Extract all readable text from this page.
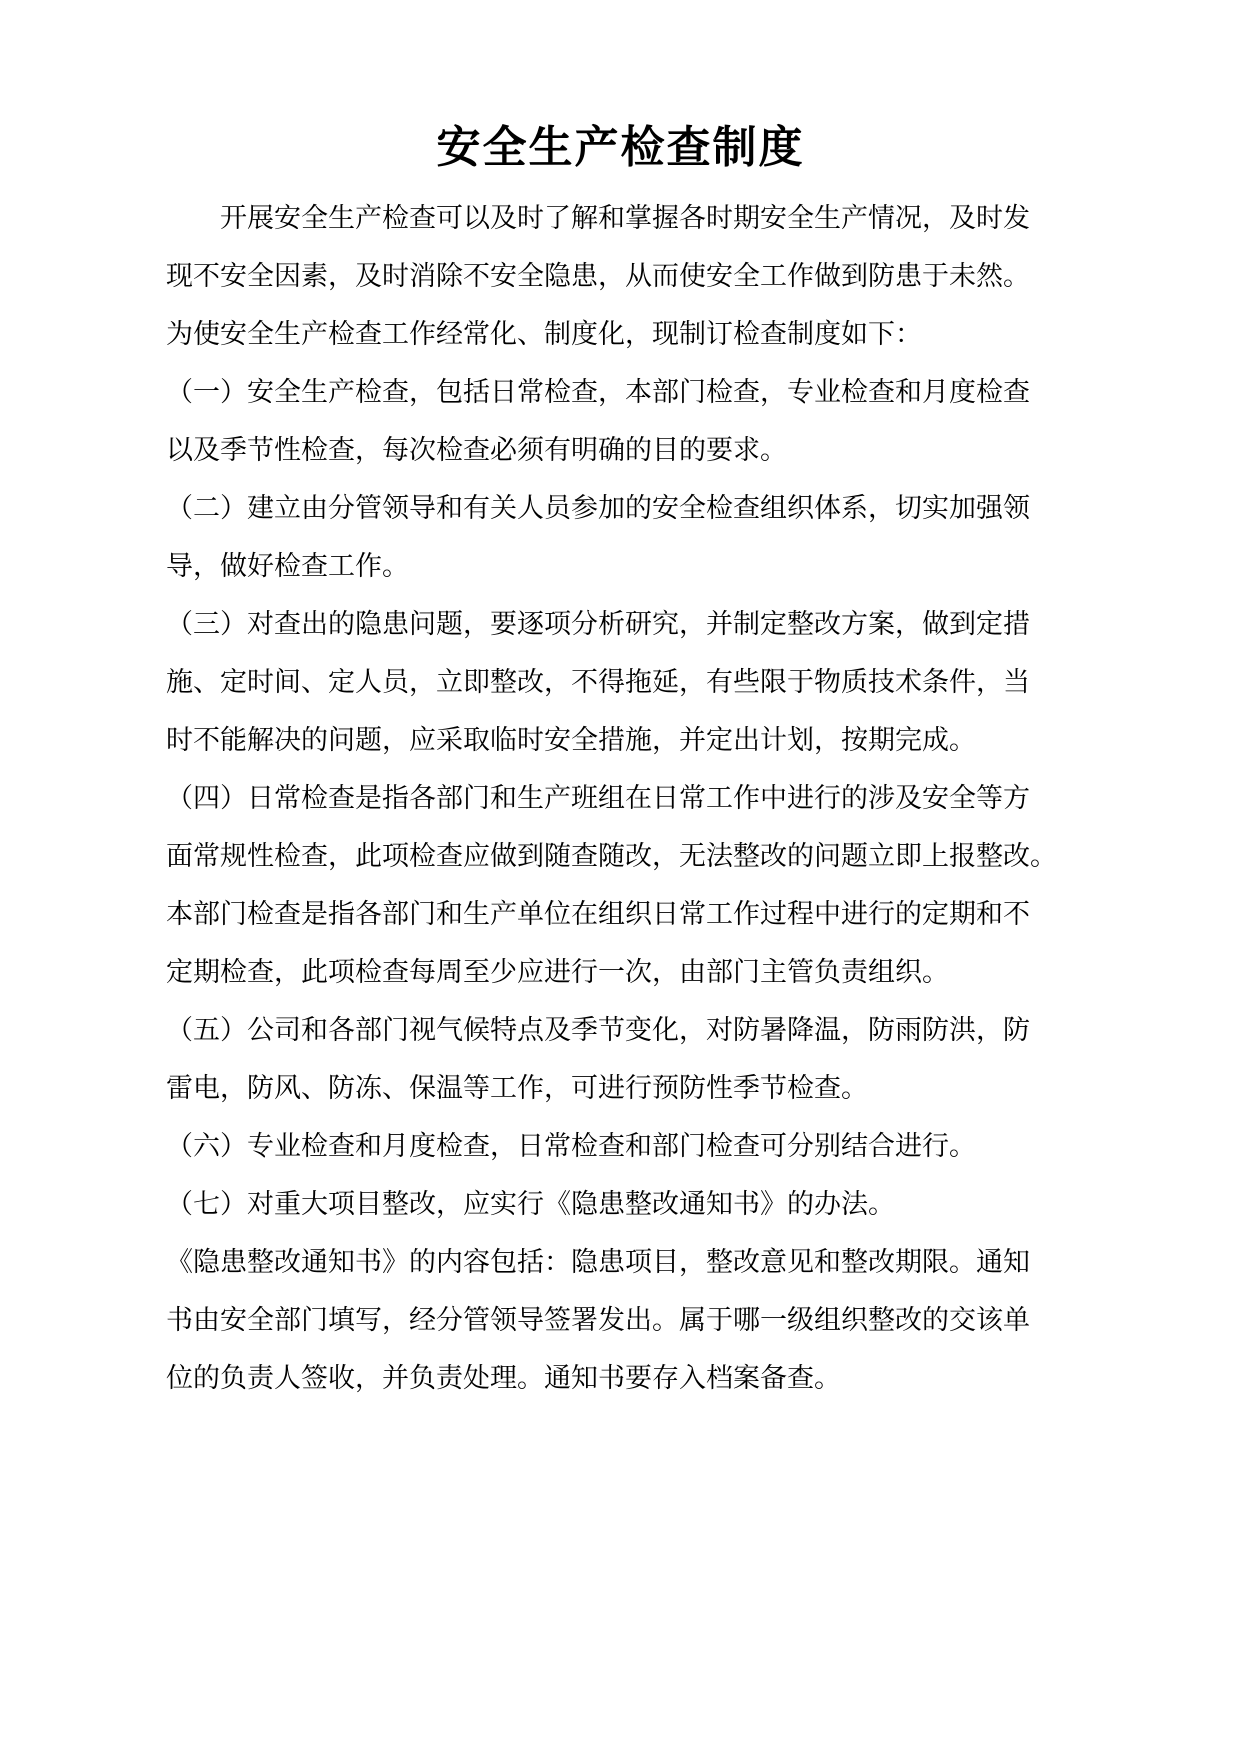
安全生产检查制度
　　开展安全生产检查可以及时了解和掌握各时期安全生产情况，及时发
现不安全因素，及时消除不安全隐患，从而使安全工作做到防患于未然。
为使安全生产检查工作经常化、制度化，现制订检查制度如下：
（一）安全生产检查，包括日常检查，本部门检查，专业检查和月度检查
以及季节性检查，每次检查必须有明确的目的要求。
（二）建立由分管领导和有关人员参加的安全检查组织体系，切实加强领
导，做好检查工作。
（三）对查出的隐患问题，要逐项分析研究，并制定整改方案，做到定措
施、定时间、定人员，立即整改，不得拖延，有些限于物质技术条件，当
时不能解决的问题，应采取临时安全措施，并定出计划，按期完成。
（四）日常检查是指各部门和生产班组在日常工作中进行的涉及安全等方
面常规性检查，此项检查应做到随查随改，无法整改的问题立即上报整改。
本部门检查是指各部门和生产单位在组织日常工作过程中进行的定期和不
定期检查，此项检查每周至少应进行一次，由部门主管负责组织。
（五）公司和各部门视气候特点及季节变化，对防暑降温，防雨防洪，防
雷电，防风、防冻、保温等工作，可进行预防性季节检查。
（六）专业检查和月度检查，日常检查和部门检查可分别结合进行。
（七）对重大项目整改，应实行《隐患整改通知书》的办法。
《隐患整改通知书》的内容包括：隐患项目，整改意见和整改期限。通知
书由安全部门填写，经分管领导签署发出。属于哪一级组织整改的交该单
位的负责人签收，并负责处理。通知书要存入档案备查。
